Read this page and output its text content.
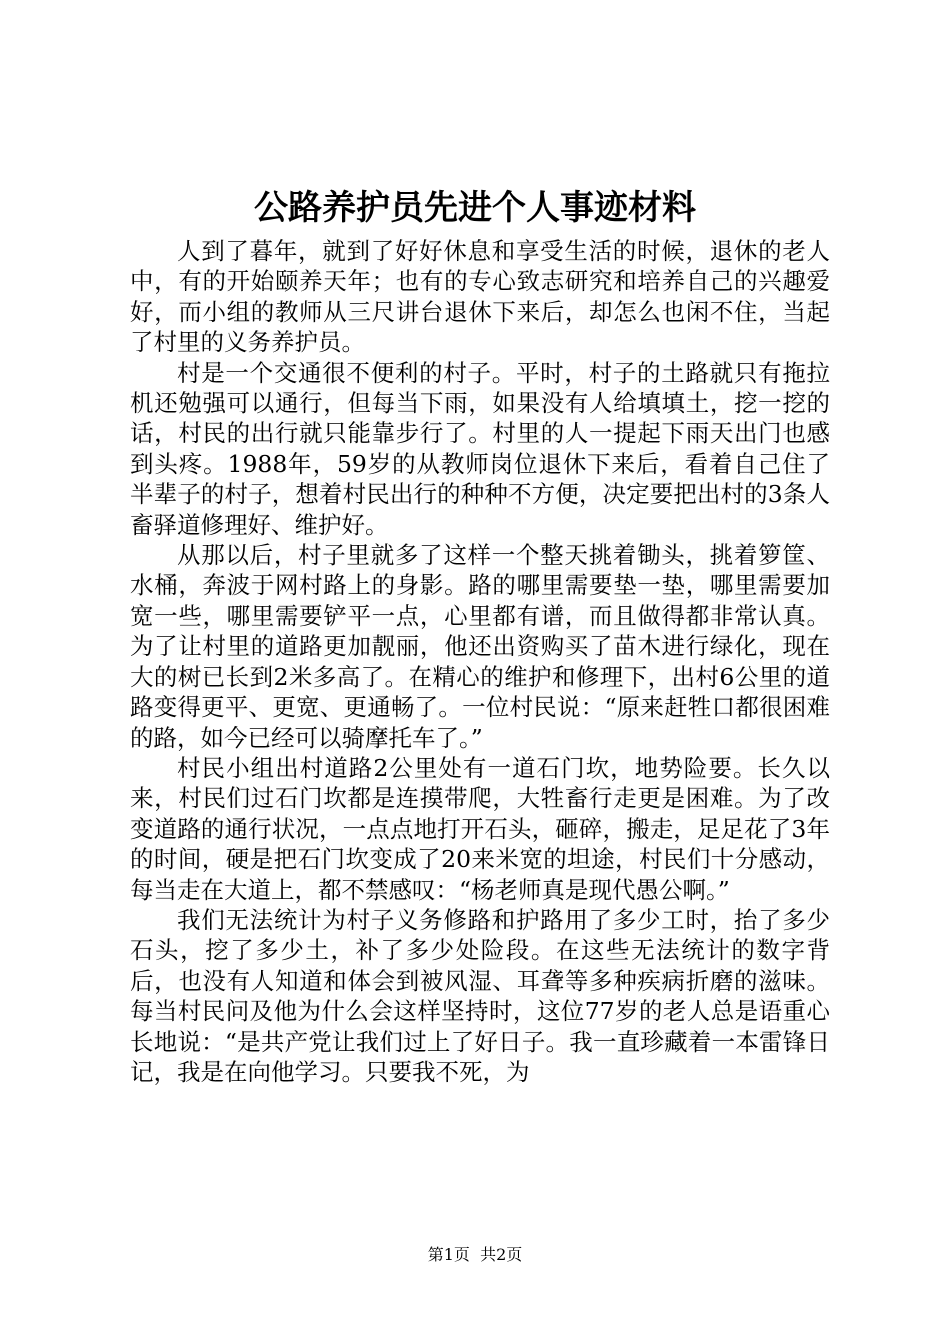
公路养护员先进个人事迹材料

人到了暮年，就到了好好休息和享受生活的时候，退休的老人中，有的开始颐养天年；也有的专心致志研究和培养自己的兴趣爱好，而小组的教师从三尺讲台退休下来后，却怎么也闲不住，当起了村里的义务养护员。

村是一个交通很不便利的村子。平时，村子的土路就只有拖拉机还勉强可以通行，但每当下雨，如果没有人给填填土，挖一挖的话，村民的出行就只能靠步行了。村里的人一提起下雨天出门也感到头疼。1988年，59岁的从教师岗位退休下来后，看着自己住了半辈子的村子，想着村民出行的种种不方便，决定要把出村的3条人畜驿道修理好、维护好。

从那以后，村子里就多了这样一个整天挑着锄头，挑着箩筐、水桶，奔波于网村路上的身影。路的哪里需要垫一垫，哪里需要加宽一些，哪里需要铲平一点，心里都有谱，而且做得都非常认真。为了让村里的道路更加靓丽，他还出资购买了苗木进行绿化，现在大的树已长到2米多高了。在精心的维护和修理下，出村6公里的道路变得更平、更宽、更通畅了。一位村民说：“原来赶牲口都很困难的路，如今已经可以骑摩托车了。”

村民小组出村道路2公里处有一道石门坎，地势险要。长久以来，村民们过石门坎都是连摸带爬，大牲畜行走更是困难。为了改变道路的通行状况，一点点地打开石头，砸碎，搬走，足足花了3年的时间，硬是把石门坎变成了20来米宽的坦途，村民们十分感动，每当走在大道上，都不禁感叹：“杨老师真是现代愚公啊。”

我们无法统计为村子义务修路和护路用了多少工时，抬了多少石头，挖了多少土，补了多少处险段。在这些无法统计的数字背后，也没有人知道和体会到被风湿、耳聋等多种疾病折磨的滋味。每当村民问及他为什么会这样坚持时，这位77岁的老人总是语重心长地说：“是共产党让我们过上了好日子。我一直珍藏着一本雷锋日记，我是在向他学习。只要我不死，为

第1页  共2页
